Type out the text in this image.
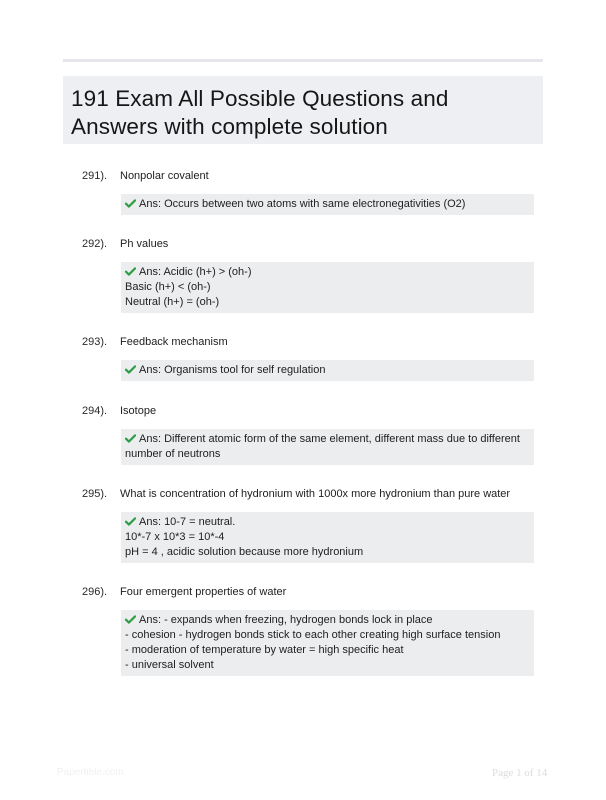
191 Exam All Possible Questions and Answers with complete solution
291). Nonpolar covalent
Ans: Occurs between two atoms with same electronegativities (O2)
292). Ph values
Ans: Acidic (h+) > (oh-)
Basic (h+) < (oh-)
Neutral (h+) = (oh-)
293). Feedback mechanism
Ans: Organisms tool for self regulation
294). Isotope
Ans: Different atomic form of the same element, different mass due to different
number of neutrons
295). What is concentration of hydronium with 1000x more hydronium than pure water
Ans: 10-7 = neutral.
10*-7 x 10*3 = 10*-4
pH = 4 , acidic solution because more hydronium
296). Four emergent properties of water
Ans: - expands when freezing, hydrogen bonds lock in place
- cohesion - hydrogen bonds stick to each other creating high surface tension
- moderation of temperature by water = high specific heat
- universal solvent
Papertible.com	Page 1 of 14
